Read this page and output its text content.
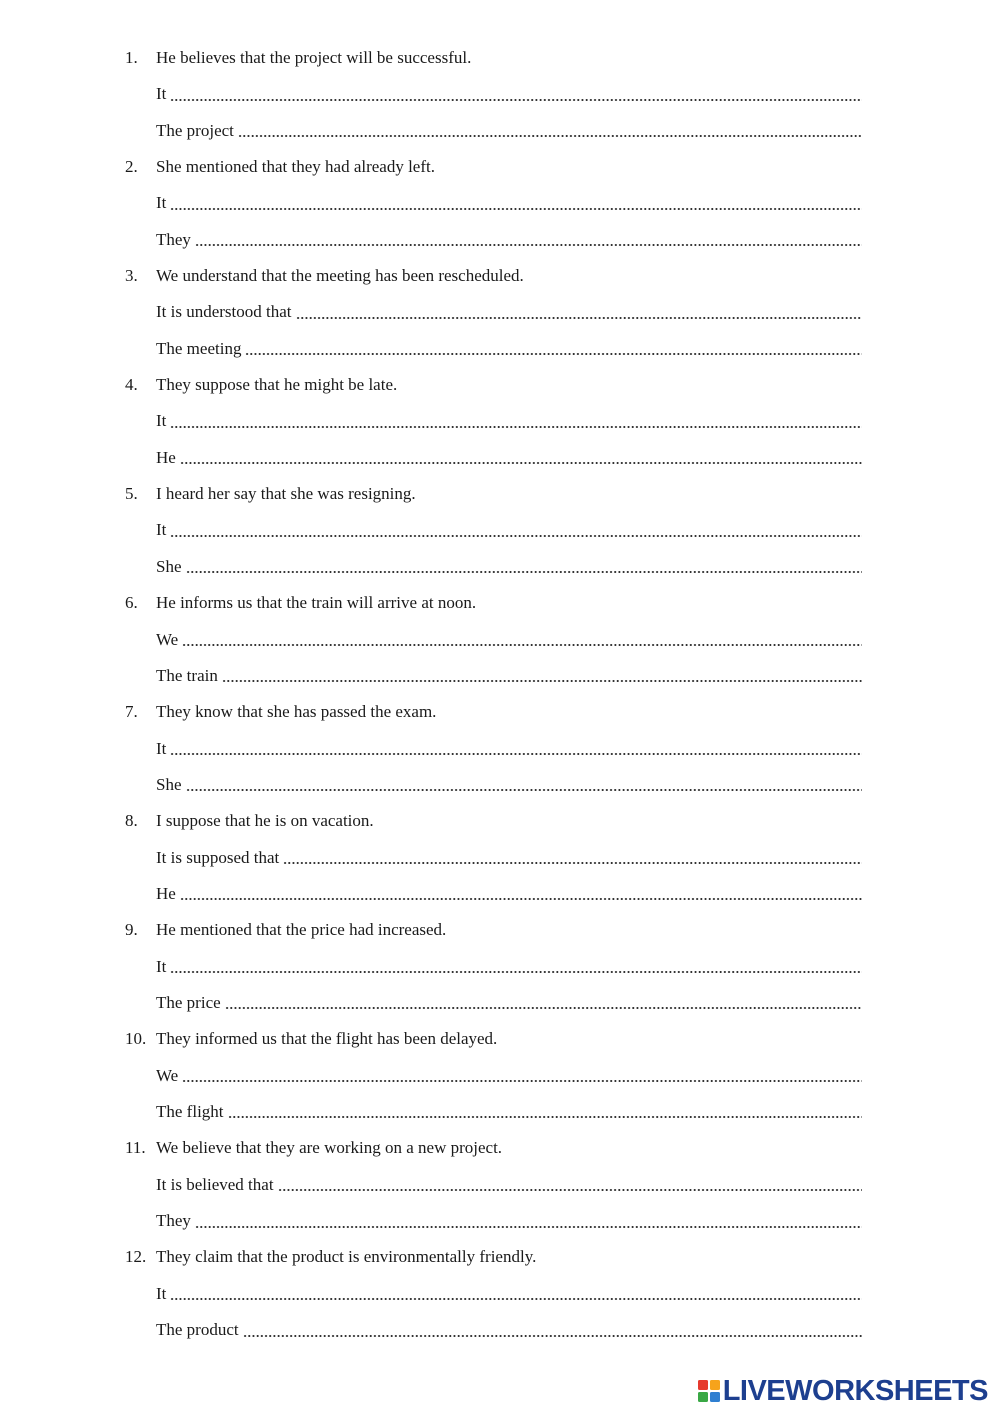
1. He believes that the project will be successful.
It
The project
2. She mentioned that they had already left.
It
They
3. We understand that the meeting has been rescheduled.
It is understood that
The meeting
4. They suppose that he might be late.
It
He
5. I heard her say that she was resigning.
It
She
6. He informs us that the train will arrive at noon.
We
The train
7. They know that she has passed the exam.
It
She
8. I suppose that he is on vacation.
It is supposed that
He
9. He mentioned that the price had increased.
It
The price
10. They informed us that the flight has been delayed.
We
The flight
11. We believe that they are working on a new project.
It is believed that
They
12. They claim that the product is environmentally friendly.
It
The product
LIVEWORKSHEETS
